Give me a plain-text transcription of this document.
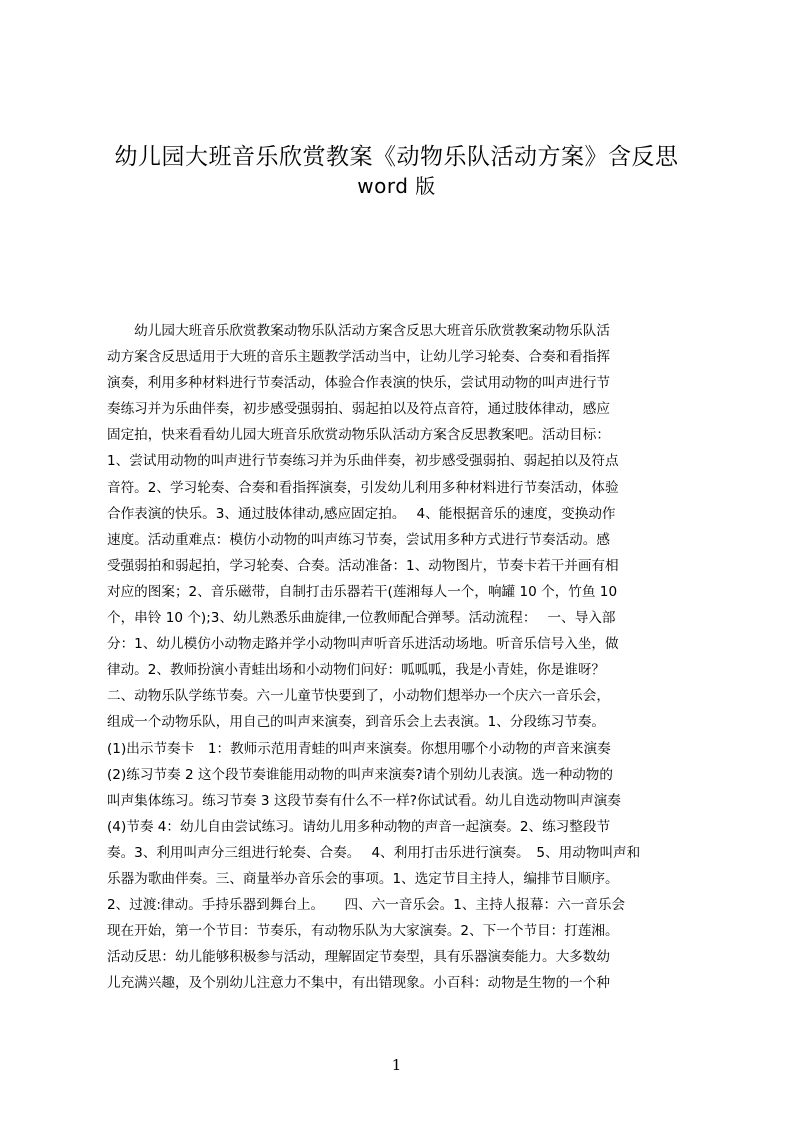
幼儿园大班音乐欣赏教案《动物乐队活动方案》含反思
word 版
　　幼儿园大班音乐欣赏教案动物乐队活动方案含反思大班音乐欣赏教案动物乐队活
动方案含反思适用于大班的音乐主题教学活动当中，让幼儿学习轮奏、合奏和看指挥
演奏，利用多种材料进行节奏活动，体验合作表演的快乐，尝试用动物的叫声进行节
奏练习并为乐曲伴奏，初步感受强弱拍、弱起拍以及符点音符，通过肢体律动，感应
固定拍，快来看看幼儿园大班音乐欣赏动物乐队活动方案含反思教案吧。活动目标：
1、尝试用动物的叫声进行节奏练习并为乐曲伴奏，初步感受强弱拍、弱起拍以及符点
音符。2、学习轮奏、合奏和看指挥演奏，引发幼儿利用多种材料进行节奏活动，体验
合作表演的快乐。3、通过肢体律动,感应固定拍。　 4、能根据音乐的速度，变换动作
速度。活动重难点：模仿小动物的叫声练习节奏，尝试用多种方式进行节奏活动。感
受强弱拍和弱起拍，学习轮奏、合奏。活动准备：1、动物图片，节奏卡若干并画有相
对应的图案；2、音乐磁带，自制打击乐器若干(莲湘每人一个，响罐 10 个，竹鱼 10
个，串铃 10 个);3、幼儿熟悉乐曲旋律,一位教师配合弹琴。活动流程：　 一、导入部
分：1、幼儿模仿小动物走路并学小动物叫声听音乐进活动场地。听音乐信号入坐，做
律动。2、教师扮演小青蛙出场和小动物们问好：呱呱呱，我是小青娃，你是谁呀？
二、动物乐队学练节奏。六一儿童节快要到了，小动物们想举办一个庆六一音乐会，
组成一个动物乐队，用自己的叫声来演奏，到音乐会上去表演。1、分段练习节奏。
(1)出示节奏卡　1：教师示范用青蛙的叫声来演奏。你想用哪个小动物的声音来演奏
(2)练习节奏 2 这个段节奏谁能用动物的叫声来演奏?请个别幼儿表演。选一种动物的
叫声集体练习。练习节奏 3 这段节奏有什么不一样?你试试看。幼儿自选动物叫声演奏
(4)节奏 4：幼儿自由尝试练习。请幼儿用多种动物的声音一起演奏。2、练习整段节
奏。3、利用叫声分三组进行轮奏、合奏。　 4、利用打击乐进行演奏。　5、用动物叫声和
乐器为歌曲伴奏。三、商量举办音乐会的事项。1、选定节目主持人，编排节目顺序。
2、过渡:律动。手持乐器到舞台上。　　四、六一音乐会。1、主持人报幕：六一音乐会
现在开始，第一个节目：节奏乐，有动物乐队为大家演奏。2、下一个节目：打莲湘。
活动反思：幼儿能够积极参与活动，理解固定节奏型，具有乐器演奏能力。大多数幼
儿充满兴趣，及个别幼儿注意力不集中，有出错现象。小百科：动物是生物的一个种
1
